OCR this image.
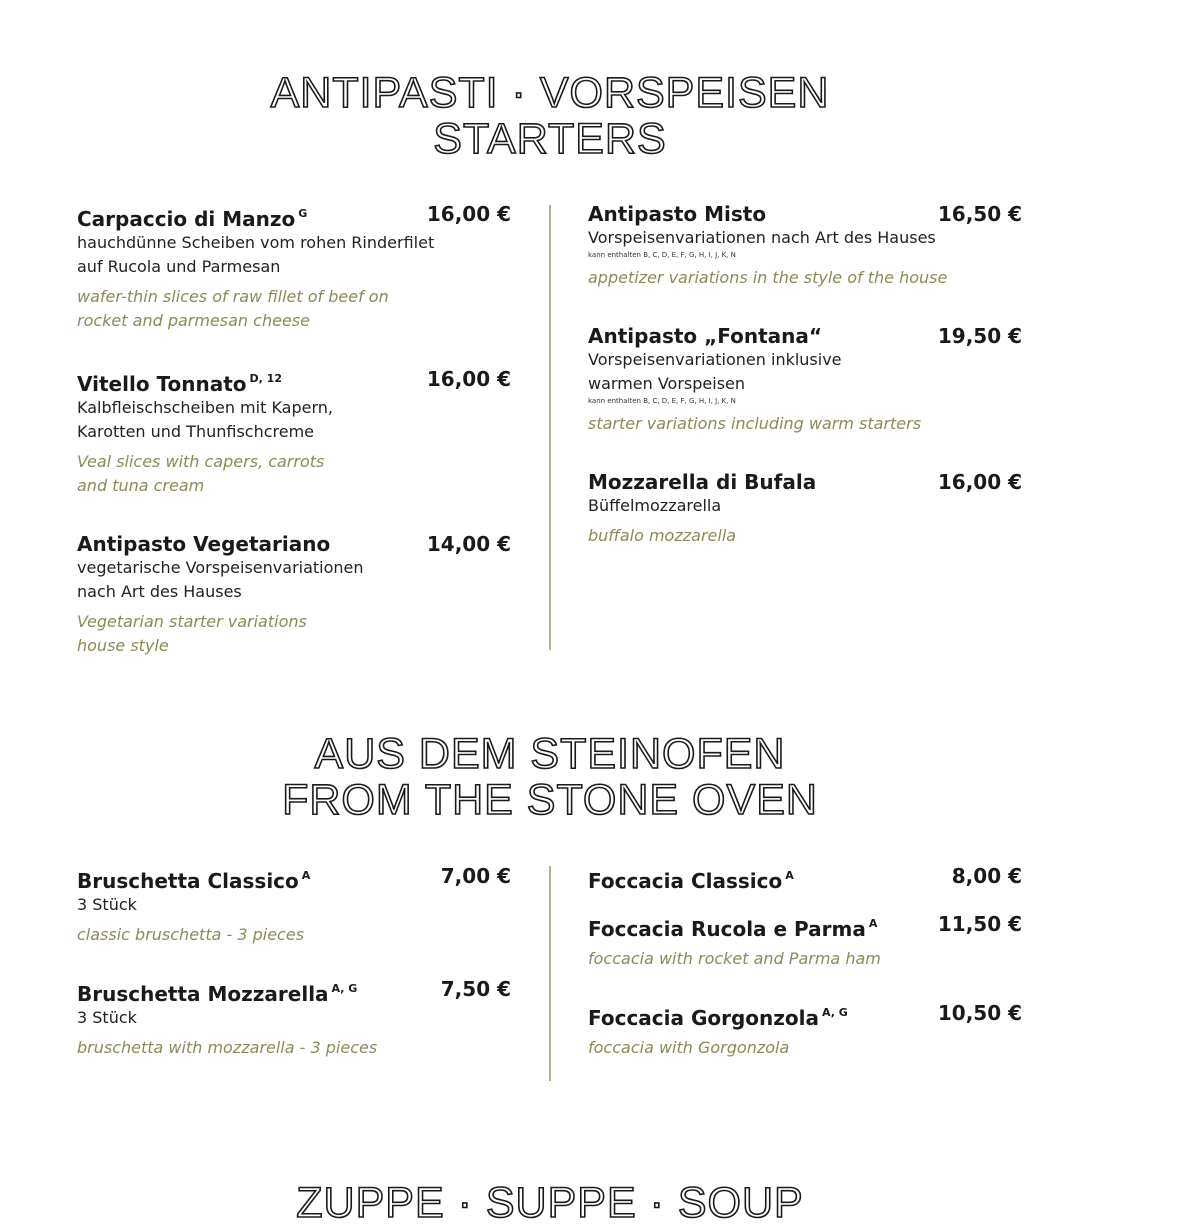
ANTIPASTI · VORSPEISEN
STARTERS
Carpaccio di Manzo $^G$	16,00 €
hauchdünne Scheiben vom rohen Rinderfilet
auf Rucola und Parmesan
wafer-thin slices of raw fillet of beef on
rocket and parmesan cheese
Vitello Tonnato $^{D, 12}$	16,00 €
Kalbfleischscheiben mit Kapern,
Karotten und Thunfischcreme
Veal slices with capers, carrots
and tuna cream
Antipasto Vegetariano	14,00 €
vegetarische Vorspeisenvariationen
nach Art des Hauses
Vegetarian starter variations
house style
Antipasto Misto	16,50 €
Vorspeisenvariationen nach Art des Hauses
kann enthalten B, C, D, E, F, G, H, I, J, K, N
appetizer variations in the style of the house
Antipasto „Fontana“	19,50 €
Vorspeisenvariationen inklusive
warmen Vorspeisen
kann enthalten B, C, D, E, F, G, H, I, J, K, N
starter variations including warm starters
Mozzarella di Bufala	16,00 €
Büffelmozzarella
buffalo mozzarella
AUS DEM STEINOFEN
FROM THE STONE OVEN
Bruschetta Classico $^A$	7,00 €
3 Stück
classic bruschetta - 3 pieces
Bruschetta Mozzarella $^{A, G}$	7,50 €
3 Stück
bruschetta with mozzarella - 3 pieces
Foccacia Classico $^A$	8,00 €
Foccacia Rucola e Parma $^A$	11,50 €
foccacia with rocket and Parma ham
Foccacia Gorgonzola $^{A, G}$	10,50 €
foccacia with Gorgonzola
ZUPPE · SUPPE · SOUP
